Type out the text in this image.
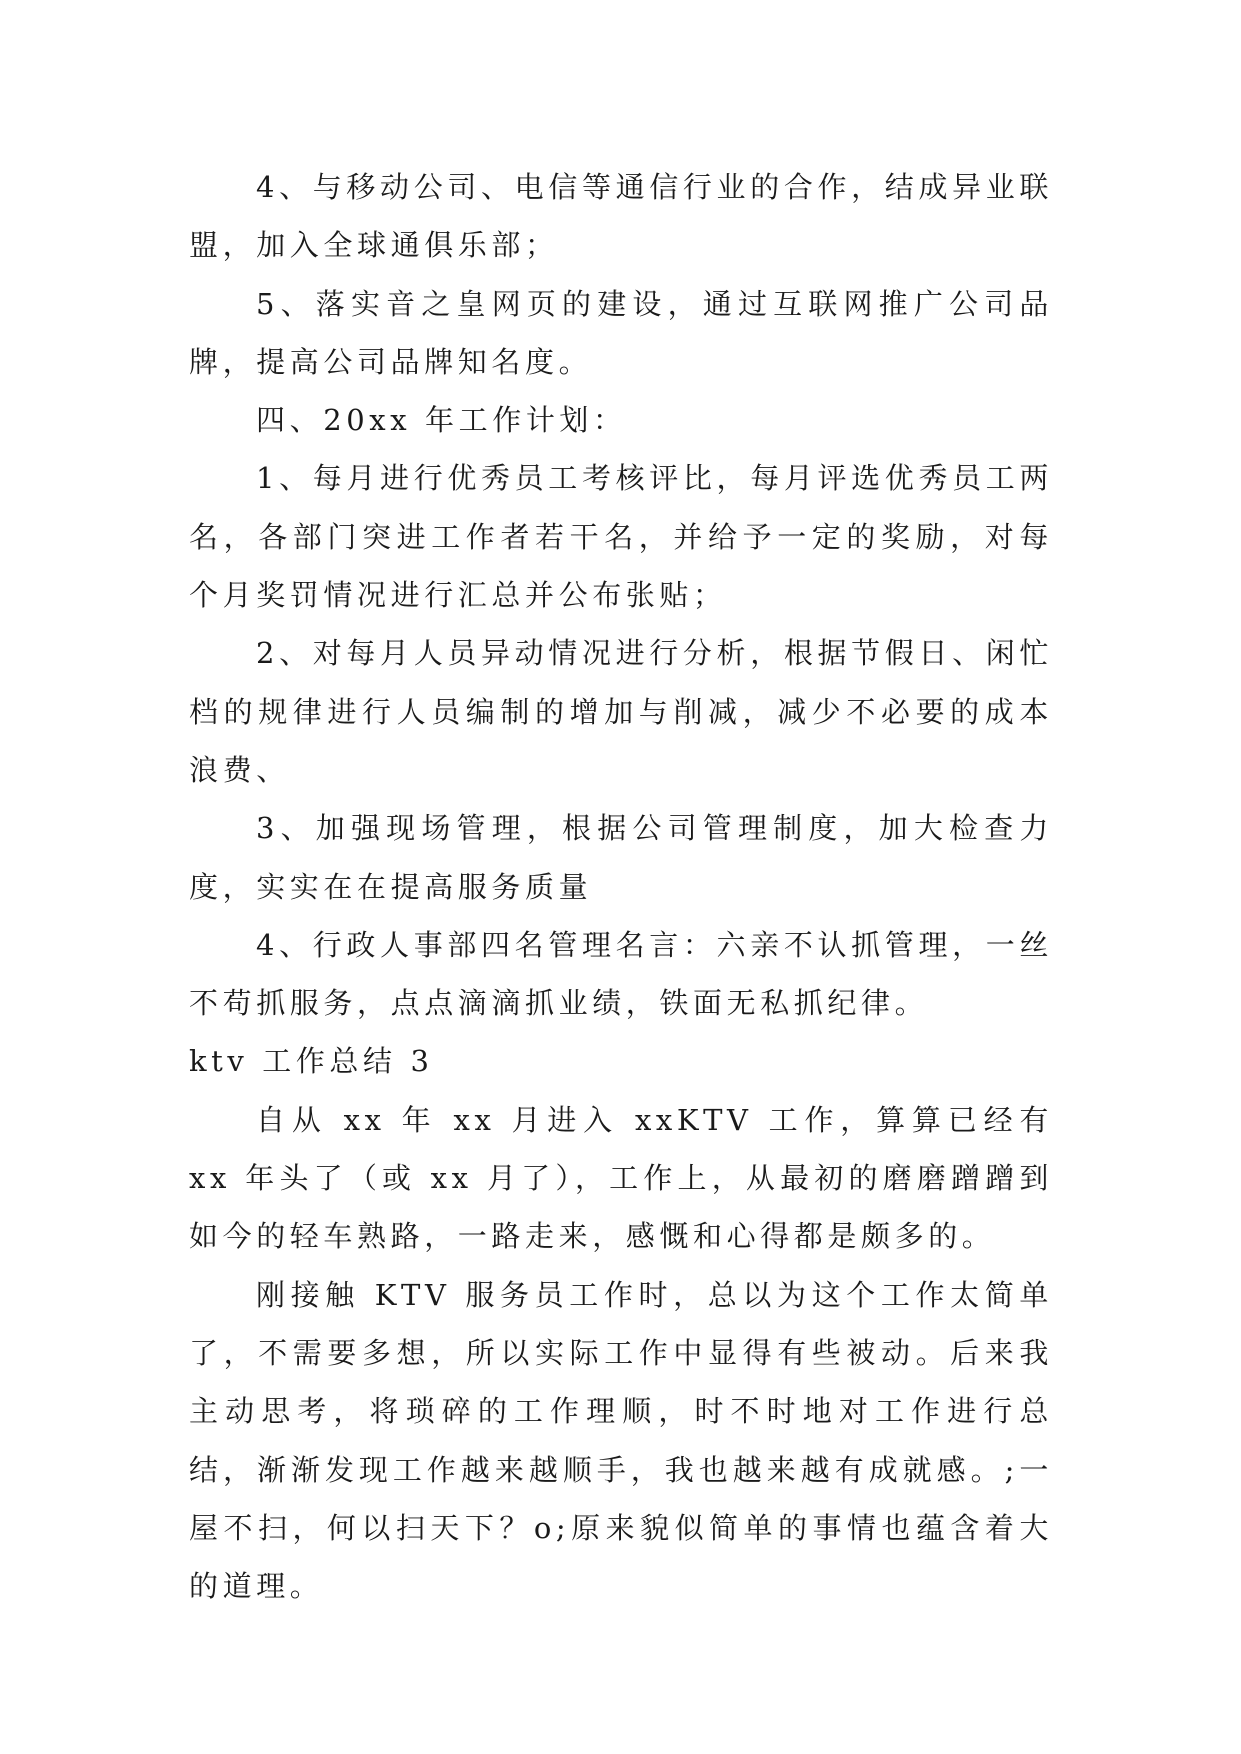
4、与移动公司、电信等通信行业的合作，结成异业联盟，加入全球通俱乐部；

5、落实音之皇网页的建设，通过互联网推广公司品牌，提高公司品牌知名度。

四、20xx 年工作计划：

1、每月进行优秀员工考核评比，每月评选优秀员工两名，各部门突进工作者若干名，并给予一定的奖励，对每个月奖罚情况进行汇总并公布张贴；

2、对每月人员异动情况进行分析，根据节假日、闲忙档的规律进行人员编制的增加与削减，减少不必要的成本浪费、

3、加强现场管理，根据公司管理制度，加大检查力度，实实在在提高服务质量

4、行政人事部四名管理名言：六亲不认抓管理，一丝不苟抓服务，点点滴滴抓业绩，铁面无私抓纪律。

ktv 工作总结 3

自从 xx 年 xx 月进入 xxKTV 工作，算算已经有 xx 年头了（或 xx 月了），工作上，从最初的磨磨蹭蹭到如今的轻车熟路，一路走来，感慨和心得都是颇多的。

刚接触 KTV 服务员工作时，总以为这个工作太简单了，不需要多想，所以实际工作中显得有些被动。后来我主动思考，将琐碎的工作理顺，时不时地对工作进行总结，渐渐发现工作越来越顺手，我也越来越有成就感。;一屋不扫，何以扫天下？o;原来貌似简单的事情也蕴含着大的道理。
